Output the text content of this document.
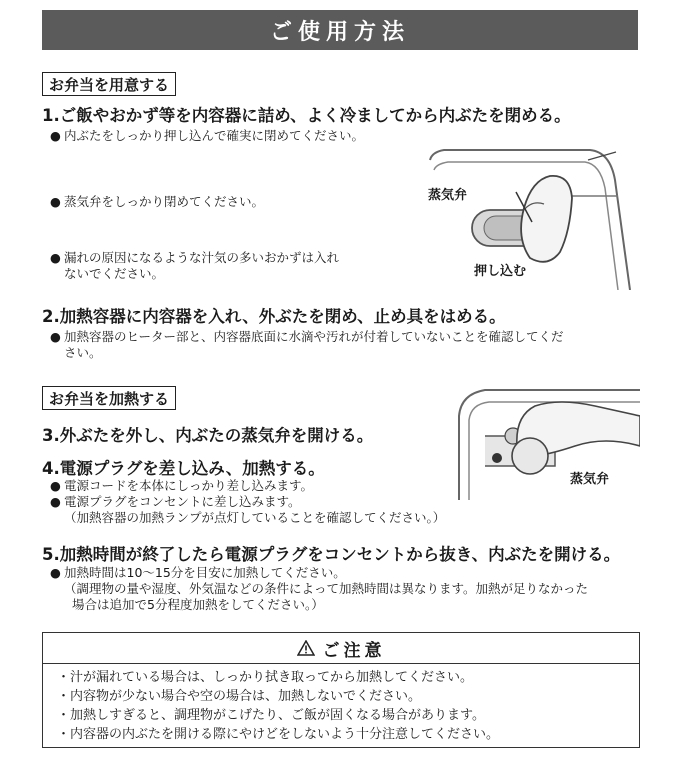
ご使用方法
お弁当を用意する
1.ご飯やおかず等を内容器に詰め、よく冷ましてから内ぶたを閉める。
● 内ぶたをしっかり押し込んで確実に閉めてください。
● 蒸気弁をしっかり閉めてください。
● 漏れの原因になるような汁気の多いおかずは入れ
ないでください。
蒸気弁
押し込む
2.加熱容器に内容器を入れ、外ぶたを閉め、止め具をはめる。
● 加熱容器のヒーター部と、内容器底面に水滴や汚れが付着していないことを確認してくだ
さい。
お弁当を加熱する
3.外ぶたを外し、内ぶたの蒸気弁を開ける。
蒸気弁
4.電源プラグを差し込み、加熱する。
● 電源コードを本体にしっかり差し込みます。
● 電源プラグをコンセントに差し込みます。
（加熱容器の加熱ランプが点灯していることを確認してください。）
5.加熱時間が終了したら電源プラグをコンセントから抜き、内ぶたを開ける。
● 加熱時間は10〜15分を目安に加熱してください。
（調理物の量や湿度、外気温などの条件によって加熱時間は異なります。加熱が足りなかった
場合は追加で5分程度加熱をしてください。）
ご注意
・汁が漏れている場合は、しっかり拭き取ってから加熱してください。
・内容物が少ない場合や空の場合は、加熱しないでください。
・加熱しすぎると、調理物がこげたり、ご飯が固くなる場合があります。
・内容器の内ぶたを開ける際にやけどをしないよう十分注意してください。
